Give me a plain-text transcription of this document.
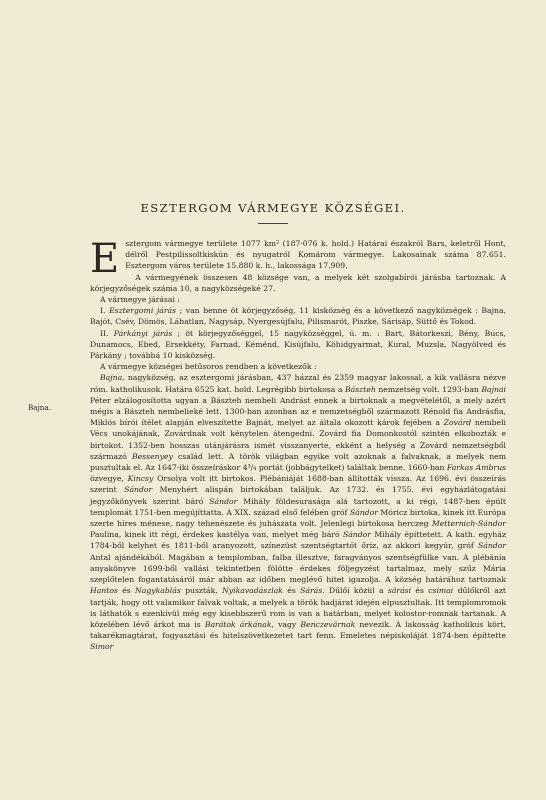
ESZTERGOM VÁRMEGYE KÖZSÉGEI.
Bajna.

Esztergom vármegye területe 1077 km² (187·076 k. hold.) Határai északról Bars, keletről Hont, délről Pestpilissoltkiskún és nyugatról Komárom vármegye. Lakosainak száma 87.651. Esztergom város területe 15.880 k. h., lakossága 17.909.

A vármegyének összesen 48 községe van, a melyek két szolgabírói járásba tartoznak. A körjegyzőségek száma 10, a nagyközségeké 27.

A vármegye járásai :

I. Esztergomi járás ; van benne öt körjegyzőség, 11 kisközség és a következő nagyközségek : Bajna, Bajót, Csév, Dömös, Lábatlan, Nagysáp, Nyergesújfalu, Pilismarót, Piszke, Sárisáp, Süttő és Tokod.

II. Párkányi járás ; öt körjegyzőséggel, 15 nagyközséggel, ú. m. : Bart, Bátorkeszi, Bény, Bucs, Dunamocs, Ebed, Ersekkéty, Farnad, Kéménd, Kisújfalu, Köhidgyarmat, Kural, Muzsla, Nagyölved és Párkány ; továbbá 10 kisközség.

A vármegye községei betűsoros rendben a következők :

Bajna, nagyközség, az esztergomi járásban, 437 házzal és 2359 magyar lakossal, a kik vallásra nézve róm. katholikusok. Határa 6525 kat. hold. Legrégibb birtokosa a Bászteh nemzetség volt. 1293-ban Bajnai Péter elzálogosította ugyan a Bászteh nembeli Andrást ennek a birtoknak a megvételétől, a mely azért mégis a Bászteh nembelieké lett. 1300-ban azonban az e nemzetségből származott Rénold fia Andrásfia, Miklós bírói ítélet alapján elveszítette Bajnát, melyet az általa okozott károk fejében a Zovárd nembeli Vécs unokájának, Zovárdnak volt kénytelen átengedni. Zovárd fia Domonkostól szintén elkobozták e birtokot. 1352-ben hosszas utánjárásra ismét visszanyerte, ekként a helység a Zovárd nemzetségből származó Bessenyey család lett. A török világban egyike volt azoknak a falvaknak, a melyek nem pusztultak el. Az 1647-iki összeíráskor 4³/₄ portát (jobbágytelket) találtak benne. 1660-ban Farkas Ambrus özvegye, Kincsy Orsolya volt itt birtokos. Plébániáját 1688-ban állították vissza. Az 1696. évi összeírás szerint Sándor Menyhért alispán birtokában találjuk. Az 1732. és 1755. évi egyházlátogatási jegyzőkönyvek szerint báró Sándor Mihály földesurasága alá tartozott, a ki régi, 1487-ben épült templomát 1751-ben megújíttatta. A XIX. század első felében gróf Sándor Móricz birtoka, kinek itt Európa szerte híres ménese, nagy tehenészete és juhászata volt. Jelenlegi birtokosa herczeg Metternich-Sándor Paulina, kinek itt régi, érdekes kastélya van, melyet még báró Sándor Mihály építtetett. A kath. egyház 1784-ből kelyhet és 1811-ből aranyozott, színezüst szentségtartót őriz, az akkori kegyúr, gróf Sándor Antal ajándékából. Magában a templomban, falba illesztve, faragványos szentségfülke van. A plébánia anyakönyve 1699-ből vallási tekintetben fölötte érdekes följegyzést tartalmaz, mely szűz Mária szeplőtelen fogantatásáról már abban az időben meglévő hitet igazolja. A község határához tartoznak Hantos és Nagykablás puszták, Nyikavadászlak és Sárás. Dűlői közül a sárási és csimai dűlőkről azt tartják, hogy ott valamikor falvak voltak, a melyek a török hadjárat idején elpusztultak. Itt templomromok is láthatók s ezenkívül még egy kisebbszerű rom is van a határban, melyet kolostor-romnak tartanak. A közelében lévő árkot ma is Barátok árkának, vagy Benczevárnak nevezik. A lakosság katholikus kört, takarékmagtárat, fogyasztási és hitelszövetkezetet tart fenn. Emeletes népiskoláját 1874-ben építtette Simor
